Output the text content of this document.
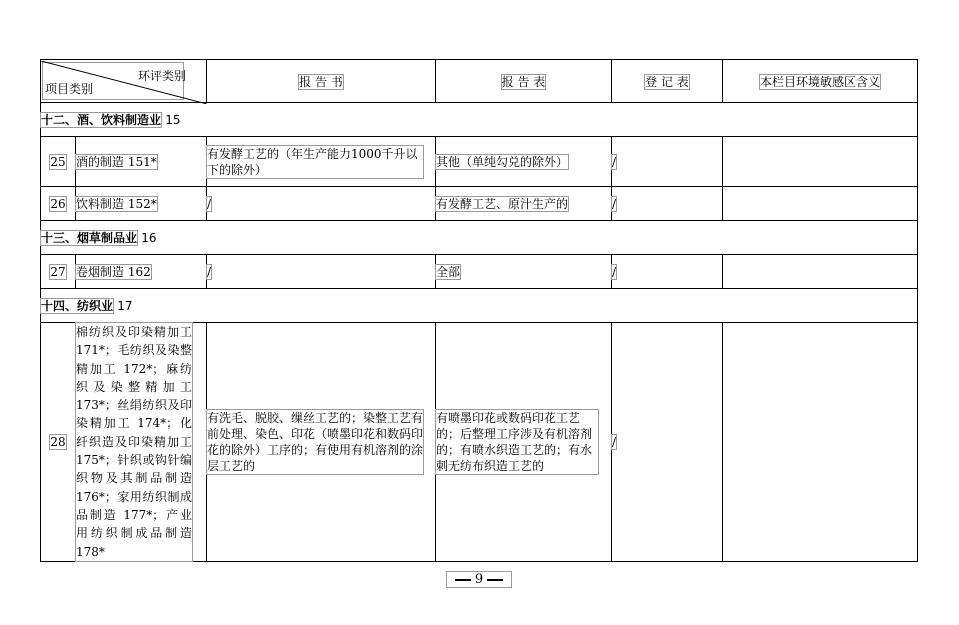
环评类别
项目类别		报 告 书	报 告 表	登 记 表	本栏目环境敏感区含义
十二、酒、饮料制造业 15					
25	酒的制造 151*	有发酵工艺的（年生产能力1000千升以下的除外）	其他（单纯勾兑的除外）	/	
26	饮料制造 152*	/	有发酵工艺、原汁生产的	/	
十三、烟草制品业 16					
27	卷烟制造 162	/	全部	/	
十四、纺织业 17					
28	棉纺织及印染精加工 171*；毛纺织及染整精加工 172*；麻纺织及染整精加工 173*；丝绢纺织及印染精加工 174*；化纤织造及印染精加工 175*；针织或钩针编织物及其制品制造 176*；家用纺织制成品制造 177*；产业用纺织制成品制造 178*	有洗毛、脱胶、缫丝工艺的；染整工艺有前处理、染色、印花（喷墨印花和数码印花的除外）工序的；有使用有机溶剂的涂层工艺的	有喷墨印花或数码印花工艺的；后整理工序涉及有机溶剂的；有喷水织造工艺的；有水刺无纺布织造工艺的	/	
9
